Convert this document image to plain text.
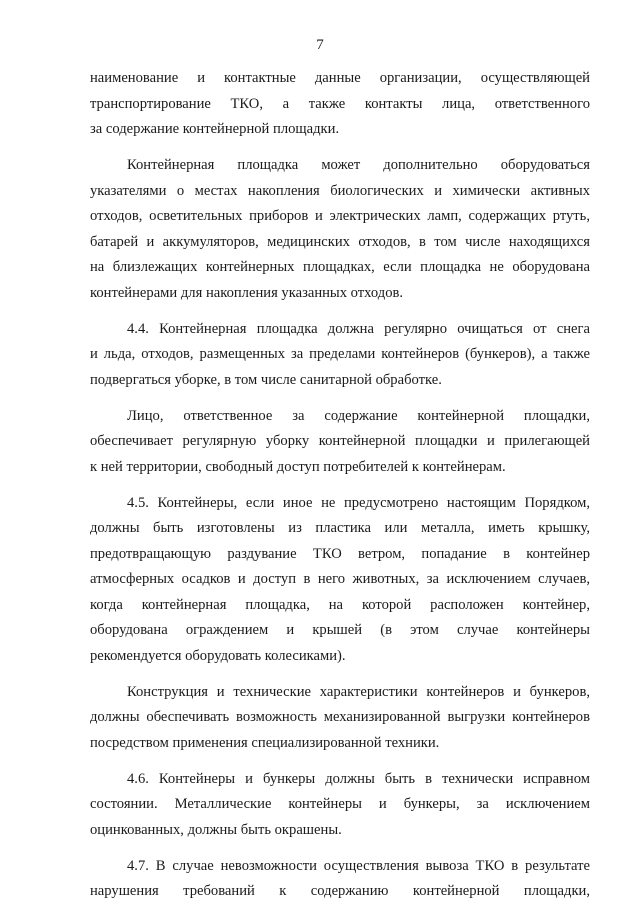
7
наименование и контактные данные организации, осуществляющей
транспортирование ТКО, а также контакты лица, ответственного
за содержание контейнерной площадки.
Контейнерная площадка может дополнительно оборудоваться
указателями о местах накопления биологических и химически активных
отходов, осветительных приборов и электрических ламп, содержащих ртуть,
батарей и аккумуляторов, медицинских отходов, в том числе находящихся
на близлежащих контейнерных площадках, если площадка не оборудована
контейнерами для накопления указанных отходов.
4.4. Контейнерная площадка должна регулярно очищаться от снега
и льда, отходов, размещенных за пределами контейнеров (бункеров), а также
подвергаться уборке, в том числе санитарной обработке.
Лицо, ответственное за содержание контейнерной площадки,
обеспечивает регулярную уборку контейнерной площадки и прилегающей
к ней территории, свободный доступ потребителей к контейнерам.
4.5. Контейнеры, если иное не предусмотрено настоящим Порядком,
должны быть изготовлены из пластика или металла, иметь крышку,
предотвращающую раздувание ТКО ветром, попадание в контейнер
атмосферных осадков и доступ в него животных, за исключением случаев,
когда контейнерная площадка, на которой расположен контейнер,
оборудована ограждением и крышей (в этом случае контейнеры
рекомендуется оборудовать колесиками).
Конструкция и технические характеристики контейнеров и бункеров,
должны обеспечивать возможность механизированной выгрузки контейнеров
посредством применения специализированной техники.
4.6. Контейнеры и бункеры должны быть в технически исправном
состоянии. Металлические контейнеры и бункеры, за исключением
оцинкованных, должны быть окрашены.
4.7. В случае невозможности осуществления вывоза ТКО в результате
нарушения требований к содержанию контейнерной площадки,
